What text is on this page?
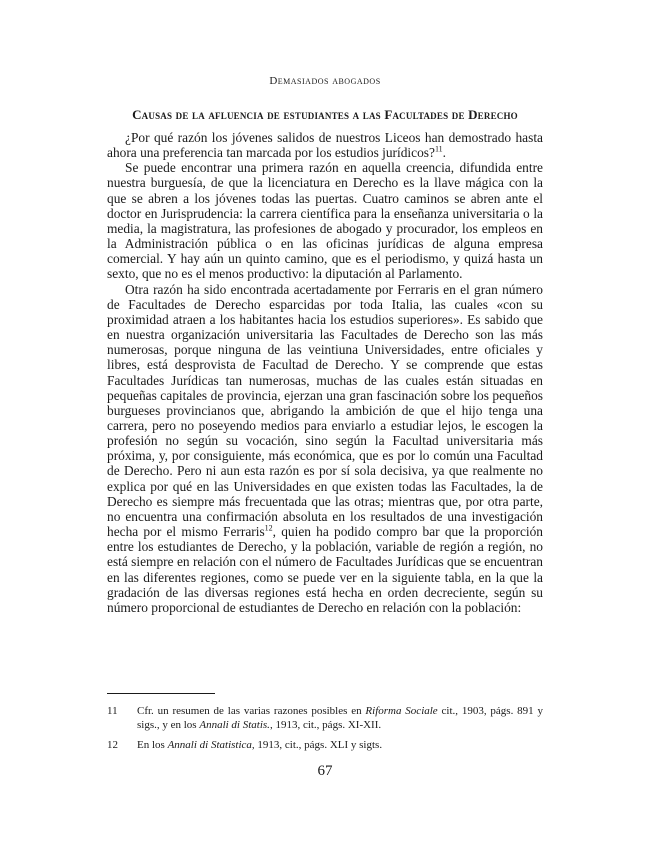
Demasiados abogados
Causas de la afluencia de estudiantes a las Facultades de Derecho

¿Por qué razón los jóvenes salidos de nuestros Liceos han demostrado hasta ahora una preferencia tan marcada por los estudios jurídicos?$^{11}$.

Se puede encontrar una primera razón en aquella creencia, difundida entre nuestra burguesía, de que la licenciatura en Derecho es la llave mágica con la que se abren a los jóvenes todas las puertas. Cuatro caminos se abren ante el doctor en Jurisprudencia: la carrera científica para la enseñanza universitaria o la media, la magistratura, las profesiones de abogado y procurador, los empleos en la Administración pública o en las oficinas jurídicas de alguna empresa comercial. Y hay aún un quinto camino, que es el periodismo, y quizá hasta un sexto, que no es el menos productivo: la diputación al Parlamento.

Otra razón ha sido encontrada acertadamente por Ferraris en el gran número de Facultades de Derecho esparcidas por toda Italia, las cuales «con su proximidad atraen a los habitantes hacia los estudios superiores». Es sabido que en nuestra organización universitaria las Facultades de Derecho son las más numerosas, porque ninguna de las veintiuna Universidades, entre oficiales y libres, está desprovista de Facultad de Derecho. Y se comprende que estas Facultades Jurídicas tan numerosas, muchas de las cuales están situadas en pequeñas capitales de provincia, ejerzan una gran fascinación sobre los pequeños burgueses provincianos que, abrigando la ambición de que el hijo tenga una carrera, pero no poseyendo medios para enviarlo a estudiar lejos, le escogen la profesión no según su vocación, sino según la Facultad universitaria más próxima, y, por consiguiente, más económica, que es por lo común una Facultad de Derecho. Pero ni aun esta razón es por sí sola decisiva, ya que realmente no explica por qué en las Universidades en que existen todas las Facultades, la de Derecho es siempre más frecuentada que las otras; mientras que, por otra parte, no encuentra una confirmación absoluta en los resultados de una investigación hecha por el mismo Ferraris$^{12}$, quien ha podido compro bar que la proporción entre los estudiantes de Derecho, y la población, variable de región a región, no está siempre en relación con el número de Facultades Jurídicas que se encuentran en las diferentes regiones, como se puede ver en la siguiente tabla, en la que la gradación de las diversas regiones está hecha en orden decreciente, según su número proporcional de estudiantes de Derecho en relación con la población:

11	Cfr. un resumen de las varias razones posibles en Riforma Sociale cit., 1903, págs. 891 y sigs., y en los Annali di Statis., 1913, cit., págs. XI-XII.
12	En los Annali di Statistica, 1913, cit., págs. XLI y sigts.
67
